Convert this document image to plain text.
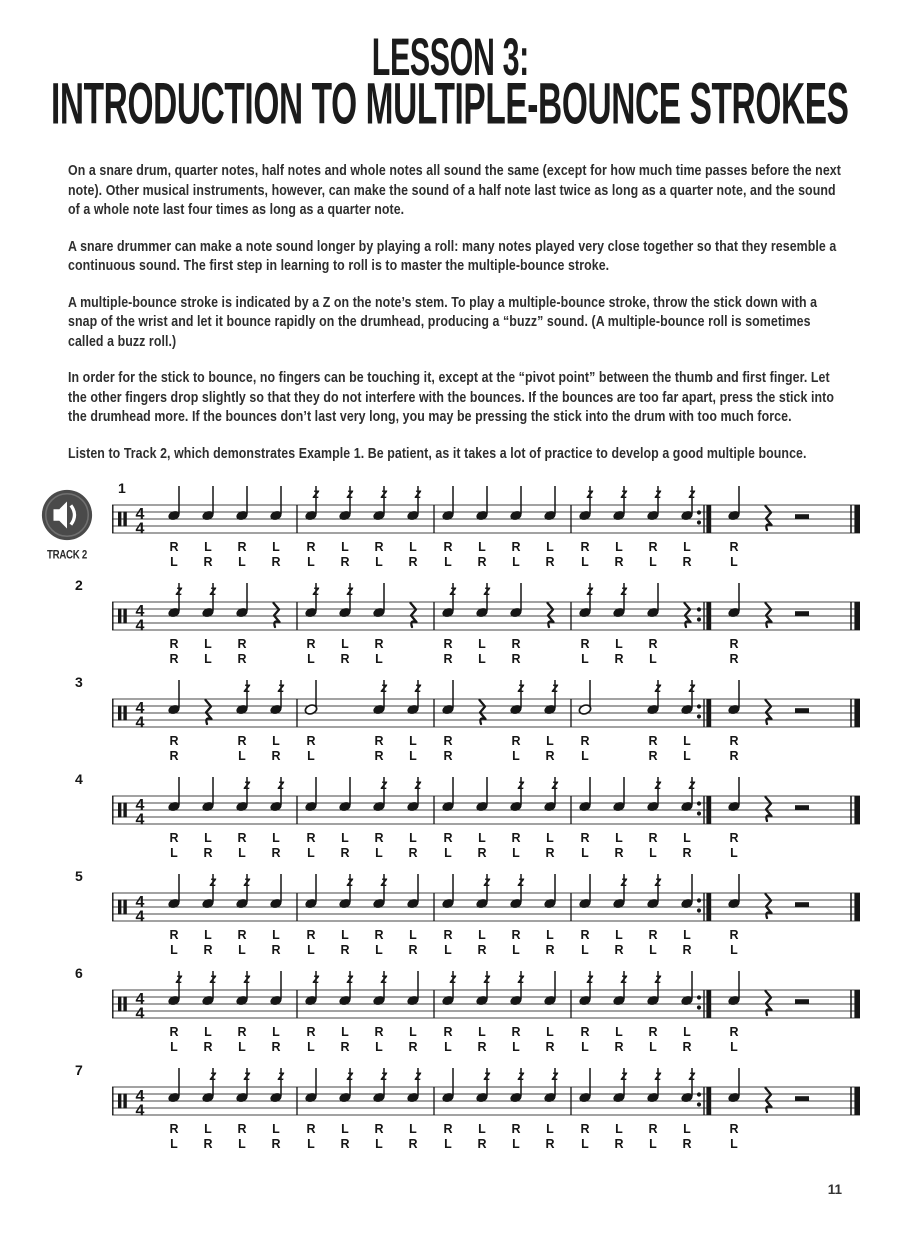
LESSON 3:
INTRODUCTION TO MULTIPLE-BOUNCE STROKES

On a snare drum, quarter notes, half notes and whole notes all sound the same (except for how much time passes before the next note). Other musical instruments, however, can make the sound of a half note last twice as long as a quarter note, and the sound of a whole note last four times as long as a quarter note.

A snare drummer can make a note sound longer by playing a roll: many notes played very close together so that they resemble a continuous sound. The first step in learning to roll is to master the multiple-bounce stroke.

A multiple-bounce stroke is indicated by a Z on the note’s stem. To play a multiple-bounce stroke, throw the stick down with a snap of the wrist and let it bounce rapidly on the drumhead, producing a “buzz” sound. (A multiple-bounce roll is sometimes called a buzz roll.)

In order for the stick to bounce, no fingers can be touching it, except at the “pivot point” between the thumb and first finger. Let the other fingers drop slightly so that they do not interfere with the bounces. If the bounces are too far apart, press the stick into the drumhead more. If the bounces don’t last very long, you may be pressing the stick into the drum with too much force.

Listen to Track 2, which demonstrates Example 1. Be patient, as it takes a lot of practice to develop a good multiple bounce.

1
TRACK 2
4
4
R
L
L
R
R
L
L
R
z
R
L
z
L
R
z
R
L
z
L
R
R
L
L
R
R
L
L
R
z
R
L
z
L
R
z
R
L
z
L
R
R
L
2
4
4
z
R
R
z
L
L
R
R
z
R
L
z
L
R
R
L
z
R
R
z
L
L
R
R
z
R
L
z
L
R
R
L
R
R
3
4
4
R
R
z
R
L
z
L
R
R
L
z
R
R
z
L
L
R
R
z
R
L
z
L
R
R
L
z
R
R
z
L
L
R
R
4
4
4
R
L
L
R
z
R
L
z
L
R
R
L
L
R
z
R
L
z
L
R
R
L
L
R
z
R
L
z
L
R
R
L
L
R
z
R
L
z
L
R
R
L
5
4
4
R
L
z
L
R
z
R
L
L
R
R
L
z
L
R
z
R
L
L
R
R
L
z
L
R
z
R
L
L
R
R
L
z
L
R
z
R
L
L
R
R
L
6
4
4
z
R
L
z
L
R
z
R
L
L
R
z
R
L
z
L
R
z
R
L
L
R
z
R
L
z
L
R
z
R
L
L
R
z
R
L
z
L
R
z
R
L
L
R
R
L
7
4
4
R
L
z
L
R
z
R
L
z
L
R
R
L
z
L
R
z
R
L
z
L
R
R
L
z
L
R
z
R
L
z
L
R
R
L
z
L
R
z
R
L
z
L
R
R
L
11
